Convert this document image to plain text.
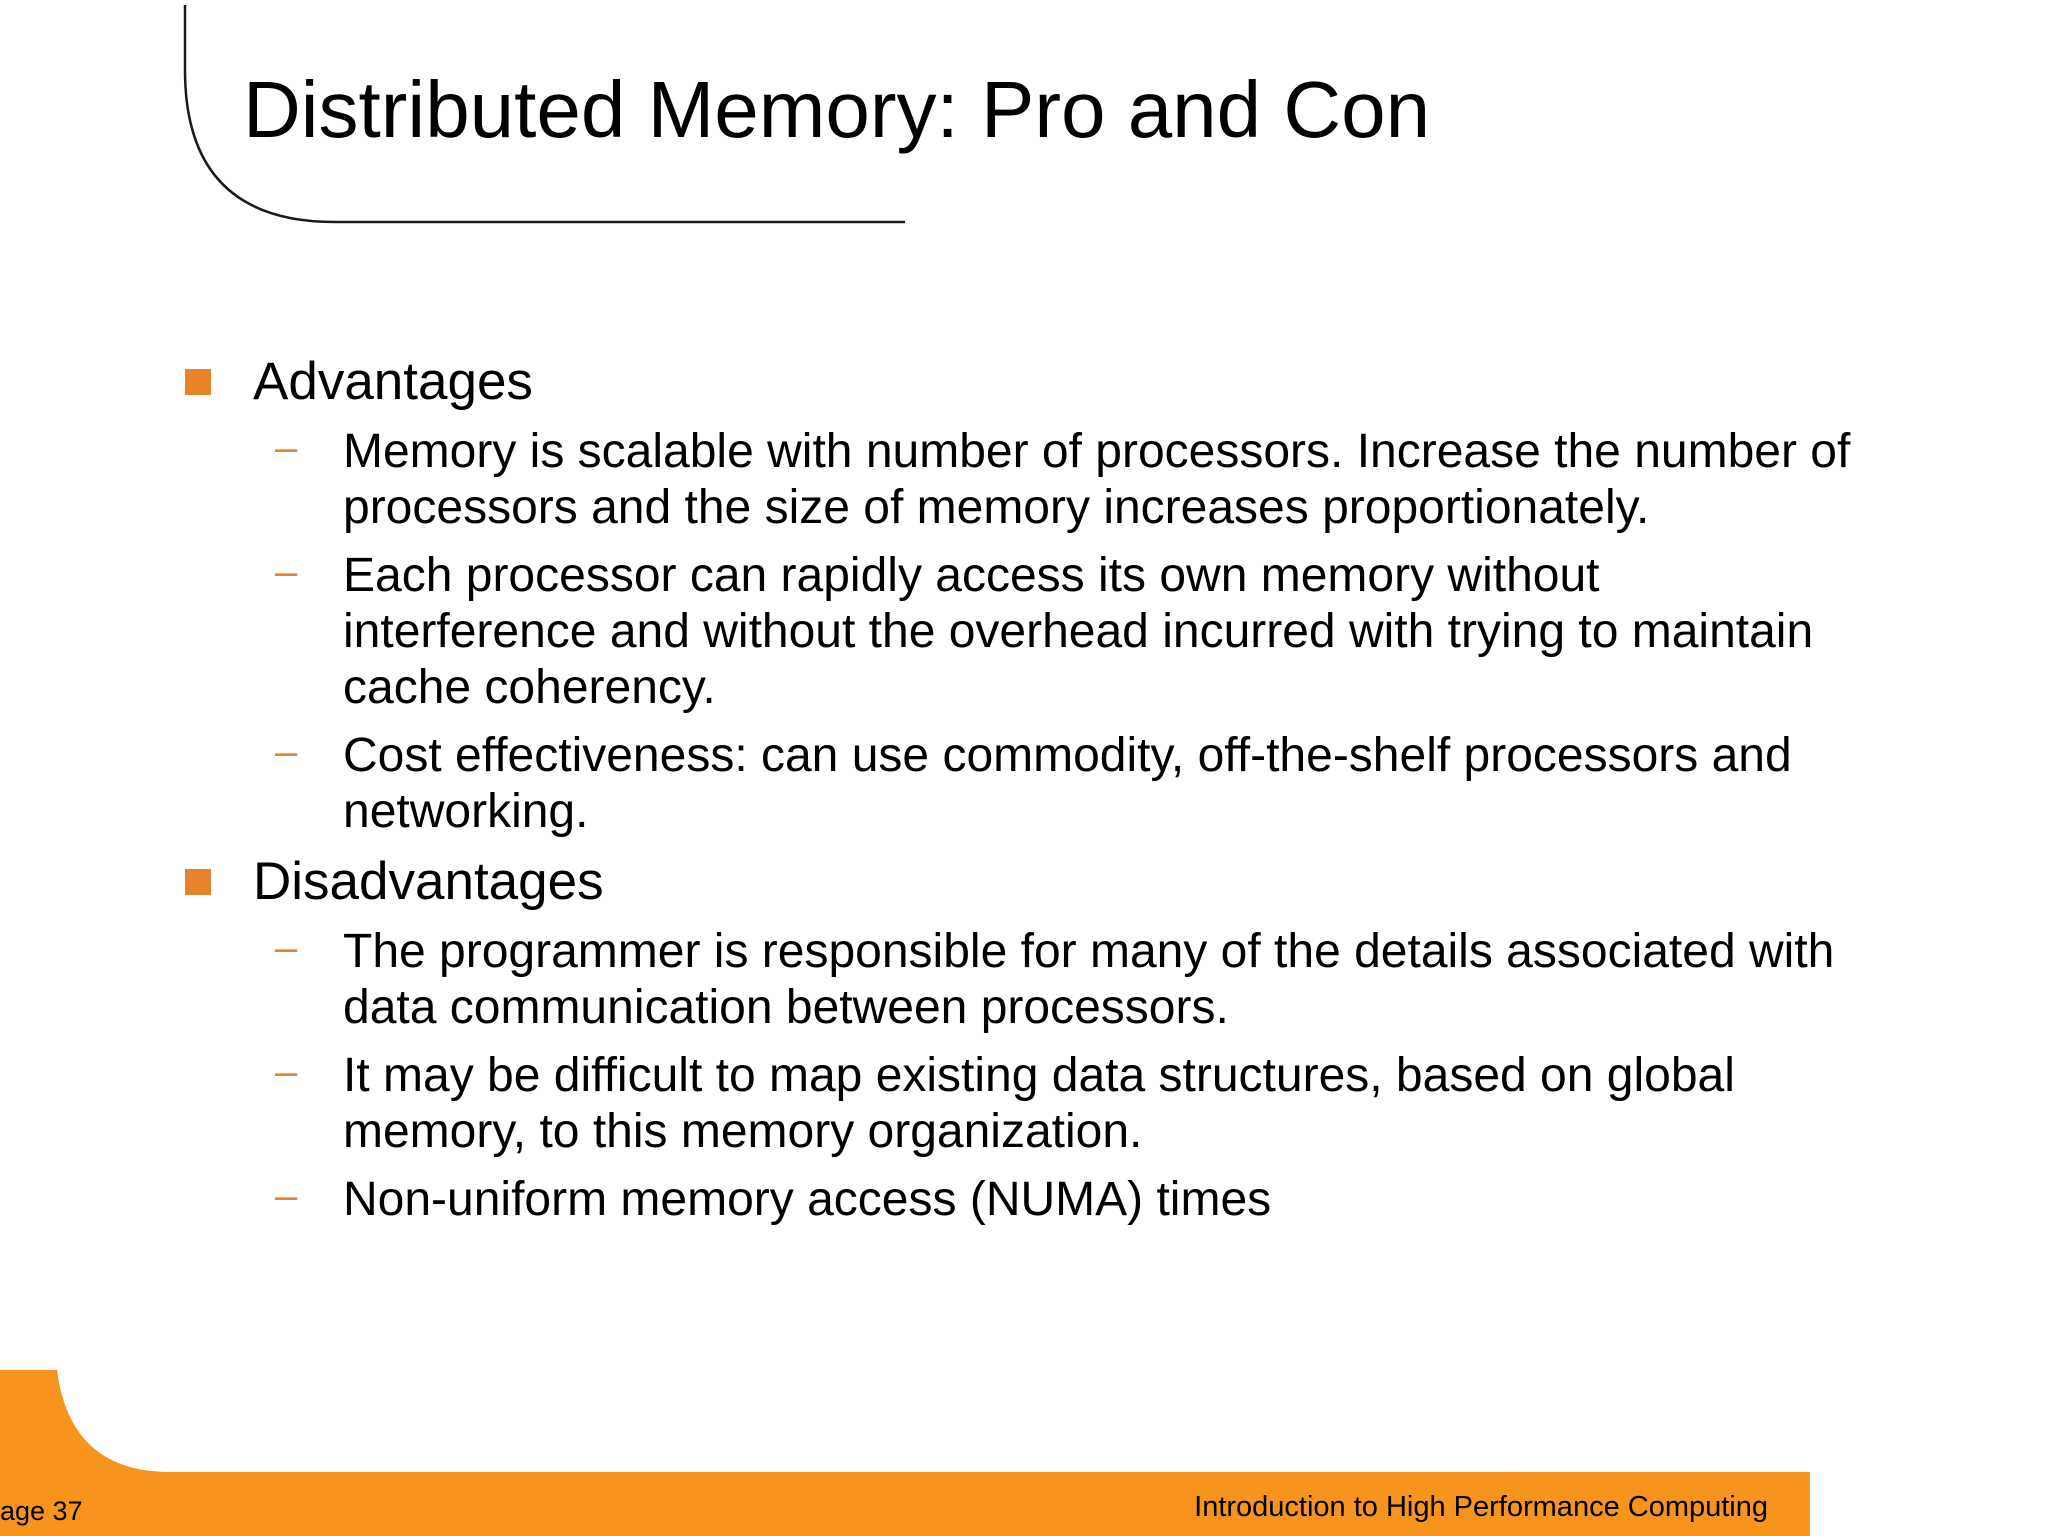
Distributed Memory: Pro and Con
Advantages
– Memory is scalable with number of processors. Increase the number of processors and the size of memory increases proportionately.
– Each processor can rapidly access its own memory without interference and without the overhead incurred with trying to maintain cache coherency.
– Cost effectiveness: can use commodity, off-the-shelf processors and networking.
Disadvantages
– The programmer is responsible for many of the details associated with data communication between processors.
– It may be difficult to map existing data structures, based on global memory, to this memory organization.
– Non-uniform memory access (NUMA) times
age 37	Introduction to High Performance Computing
